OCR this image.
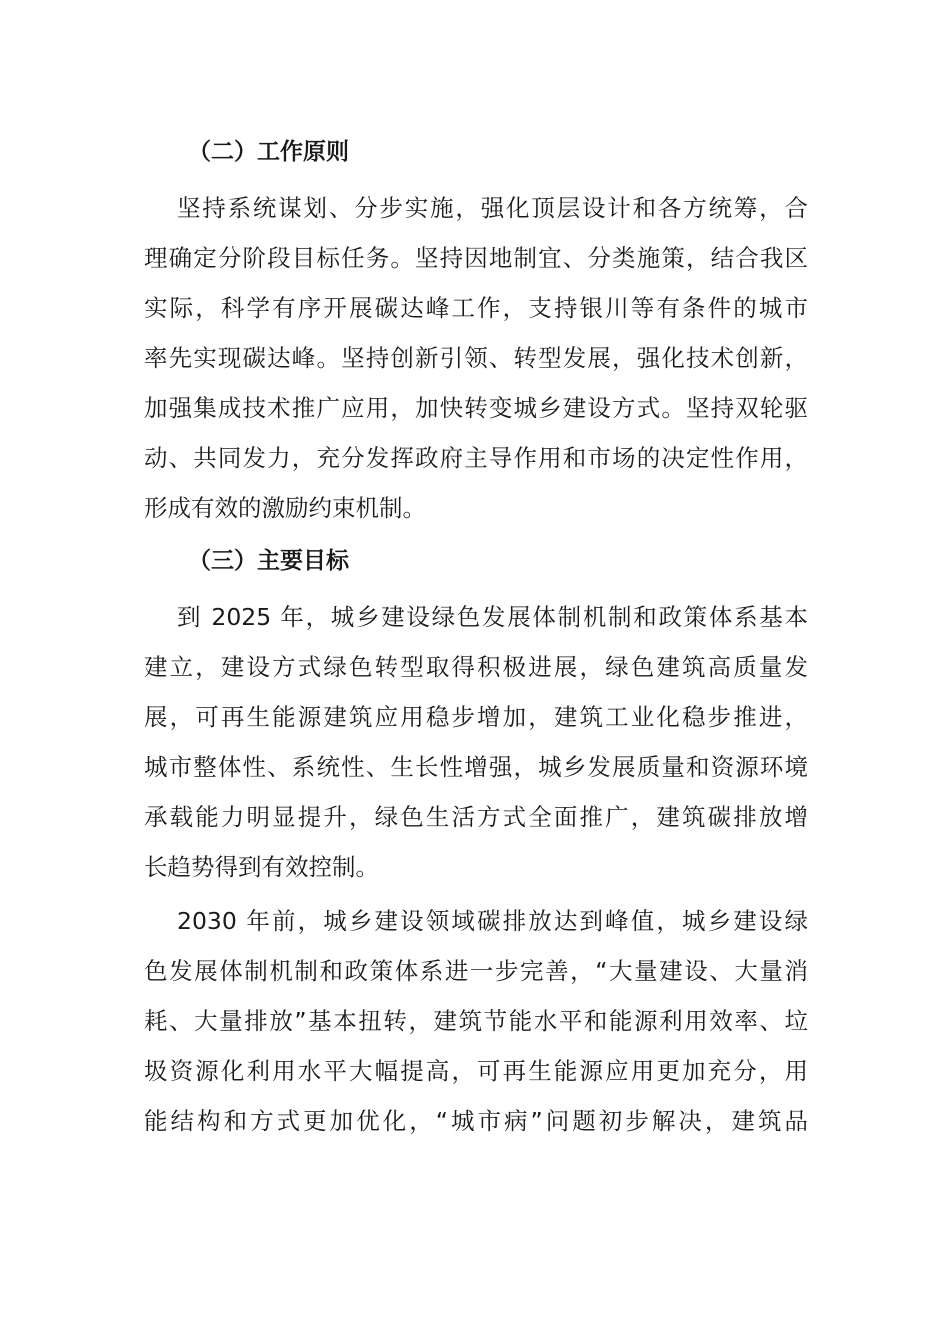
（二）工作原则

坚持系统谋划、分步实施，强化顶层设计和各方统筹，合
理确定分阶段目标任务。坚持因地制宜、分类施策，结合我区
实际，科学有序开展碳达峰工作，支持银川等有条件的城市
率先实现碳达峰。坚持创新引领、转型发展，强化技术创新，
加强集成技术推广应用，加快转变城乡建设方式。坚持双轮驱
动、共同发力，充分发挥政府主导作用和市场的决定性作用，
形成有效的激励约束机制。

（三）主要目标

到 2025 年，城乡建设绿色发展体制机制和政策体系基本
建立，建设方式绿色转型取得积极进展，绿色建筑高质量发
展，可再生能源建筑应用稳步增加，建筑工业化稳步推进，
城市整体性、系统性、生长性增强，城乡发展质量和资源环境
承载能力明显提升，绿色生活方式全面推广，建筑碳排放增
长趋势得到有效控制。

2030 年前，城乡建设领域碳排放达到峰值，城乡建设绿
色发展体制机制和政策体系进一步完善，“大量建设、大量消
耗、大量排放”基本扭转，建筑节能水平和能源利用效率、垃
圾资源化利用水平大幅提高，可再生能源应用更加充分，用
能结构和方式更加优化，“城市病”问题初步解决，建筑品
